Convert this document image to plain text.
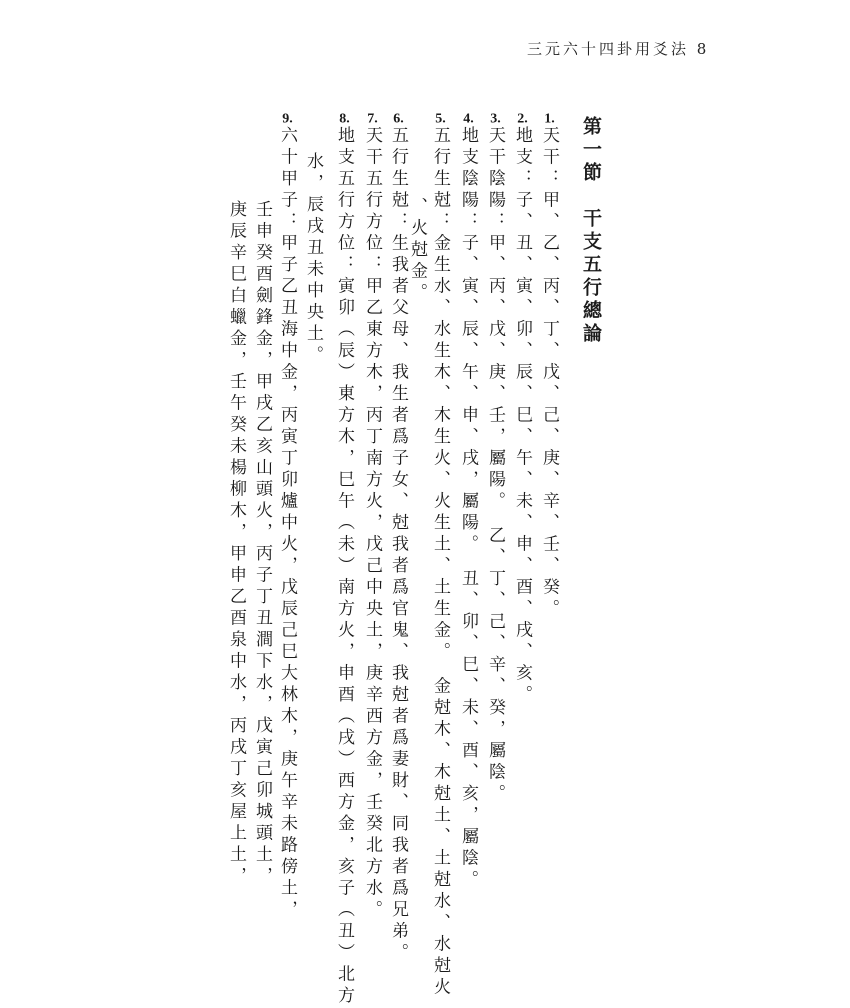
三元六十四卦用爻法 8
第一節　干支五行總論
1.天干：甲、乙、丙、丁、戊、己、庚、辛、壬、癸。
2.地支：子、丑、寅、卯、辰、巳、午、未、申、酉、戌、亥。
3.天干陰陽：甲、丙、戊、庚、壬，屬陽。　乙、丁、己、辛、癸，屬陰。
4.地支陰陽：子、寅、辰、午、申、戌，屬陽。　丑、卯、巳、未、酉、亥，屬陰。
5.五行生尅：金生水、水生木、木生火、火生土、土生金。　金尅木、木尅土、土尅水、水尅火
、火尅金。
6.五行生尅：生我者父母、我生者爲子女、尅我者爲官鬼、我尅者爲妻財、同我者爲兄弟。
7.天干五行方位：甲乙東方木，丙丁南方火，戊己中央土，庚辛西方金，壬癸北方水。
8.地支五行方位：寅卯（辰）東方木，巳午（未）南方火，申酉（戌）西方金，亥子（丑）北方
水，辰戌丑未中央土。
9.六十甲子：甲子乙丑海中金，丙寅丁卯爐中火，戊辰己巳大林木，庚午辛未路傍土，
壬申癸酉劍鋒金，甲戌乙亥山頭火，丙子丁丑澗下水，戊寅己卯城頭土，
庚辰辛巳白蠟金，壬午癸未楊柳木，甲申乙酉泉中水，丙戌丁亥屋上土，
